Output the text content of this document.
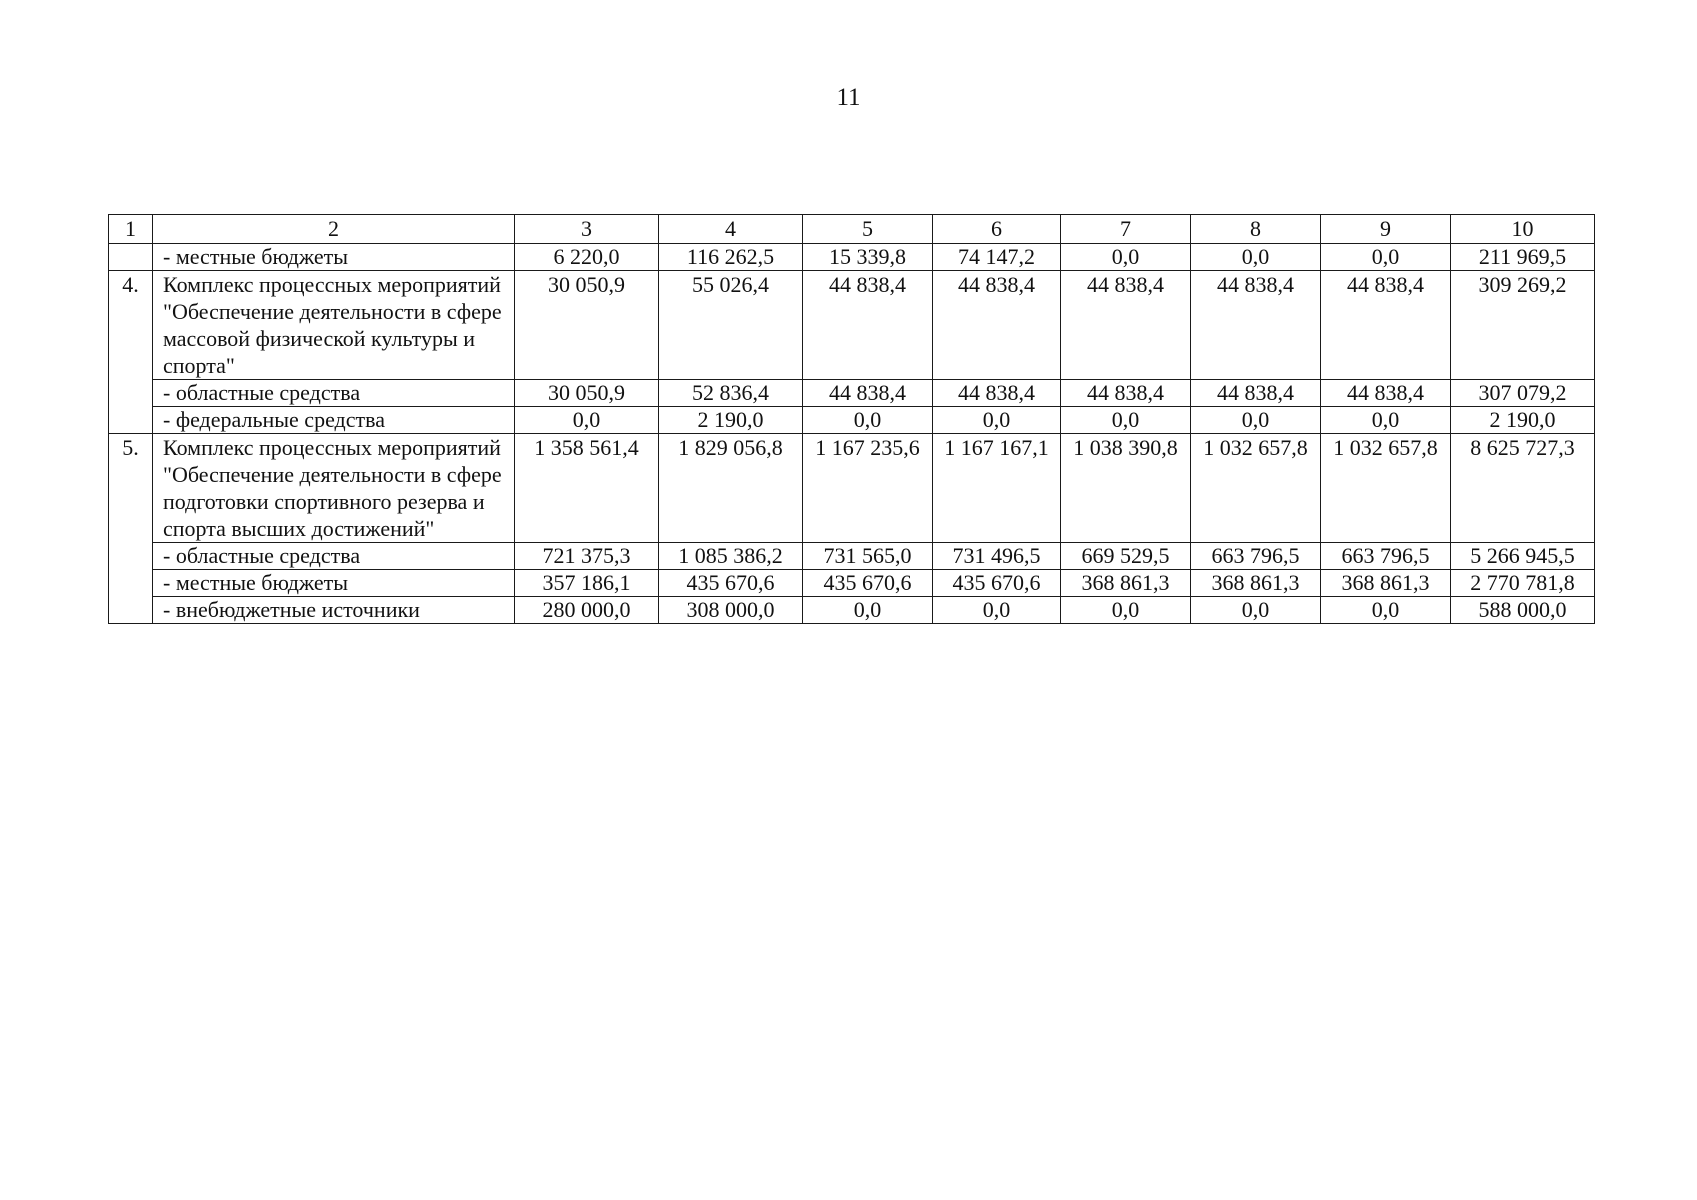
11
1	2	3	4	5	6	7	8	9	10
	- местные бюджеты	6 220,0	116 262,5	15 339,8	74 147,2	0,0	0,0	0,0	211 969,5
4.	Комплекс процессных мероприятий "Обеспечение деятельности в сфере массовой физической культуры и спорта"	30 050,9	55 026,4	44 838,4	44 838,4	44 838,4	44 838,4	44 838,4	309 269,2
	- областные средства	30 050,9	52 836,4	44 838,4	44 838,4	44 838,4	44 838,4	44 838,4	307 079,2
	- федеральные средства	0,0	2 190,0	0,0	0,0	0,0	0,0	0,0	2 190,0
5.	Комплекс процессных мероприятий "Обеспечение деятельности в сфере подготовки спортивного резерва и спорта высших достижений"	1 358 561,4	1 829 056,8	1 167 235,6	1 167 167,1	1 038 390,8	1 032 657,8	1 032 657,8	8 625 727,3
	- областные средства	721 375,3	1 085 386,2	731 565,0	731 496,5	669 529,5	663 796,5	663 796,5	5 266 945,5
	- местные бюджеты	357 186,1	435 670,6	435 670,6	435 670,6	368 861,3	368 861,3	368 861,3	2 770 781,8
	- внебюджетные источники	280 000,0	308 000,0	0,0	0,0	0,0	0,0	0,0	588 000,0
